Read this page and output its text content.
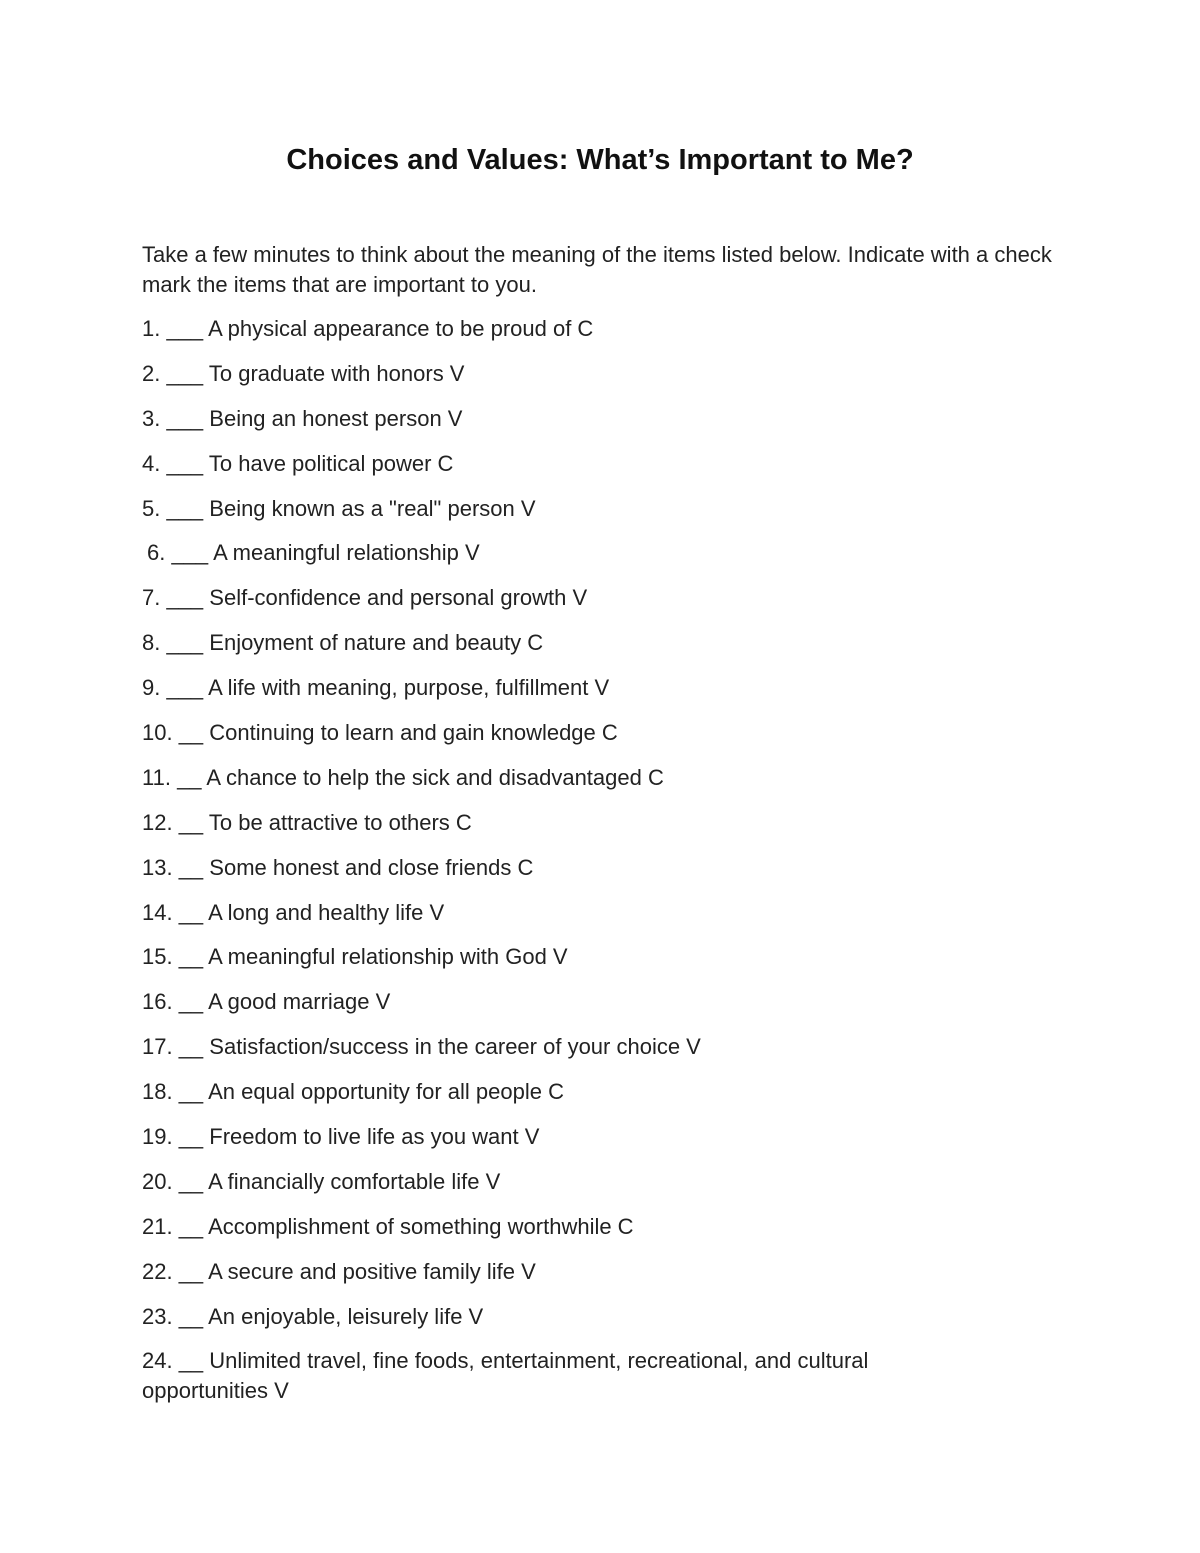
Choices and Values: What’s Important to Me?

Take a few minutes to think about the meaning of the items listed below. Indicate with a check mark the items that are important to you.

1. ___ A physical appearance to be proud of C
2. ___ To graduate with honors V
3. ___ Being an honest person V
4. ___ To have political power C
5. ___ Being known as a "real" person V
6. ___ A meaningful relationship V
7. ___ Self-confidence and personal growth V
8. ___ Enjoyment of nature and beauty C
9. ___ A life with meaning, purpose, fulfillment V
10. __ Continuing to learn and gain knowledge C
11. __ A chance to help the sick and disadvantaged C
12. __ To be attractive to others C
13. __ Some honest and close friends C
14. __ A long and healthy life V
15. __ A meaningful relationship with God V
16. __ A good marriage V
17. __ Satisfaction/success in the career of your choice V
18. __ An equal opportunity for all people C
19. __ Freedom to live life as you want V
20. __ A financially comfortable life V
21. __ Accomplishment of something worthwhile C
22. __ A secure and positive family life V
23. __ An enjoyable, leisurely life V
24. __ Unlimited travel, fine foods, entertainment, recreational, and cultural opportunities V
